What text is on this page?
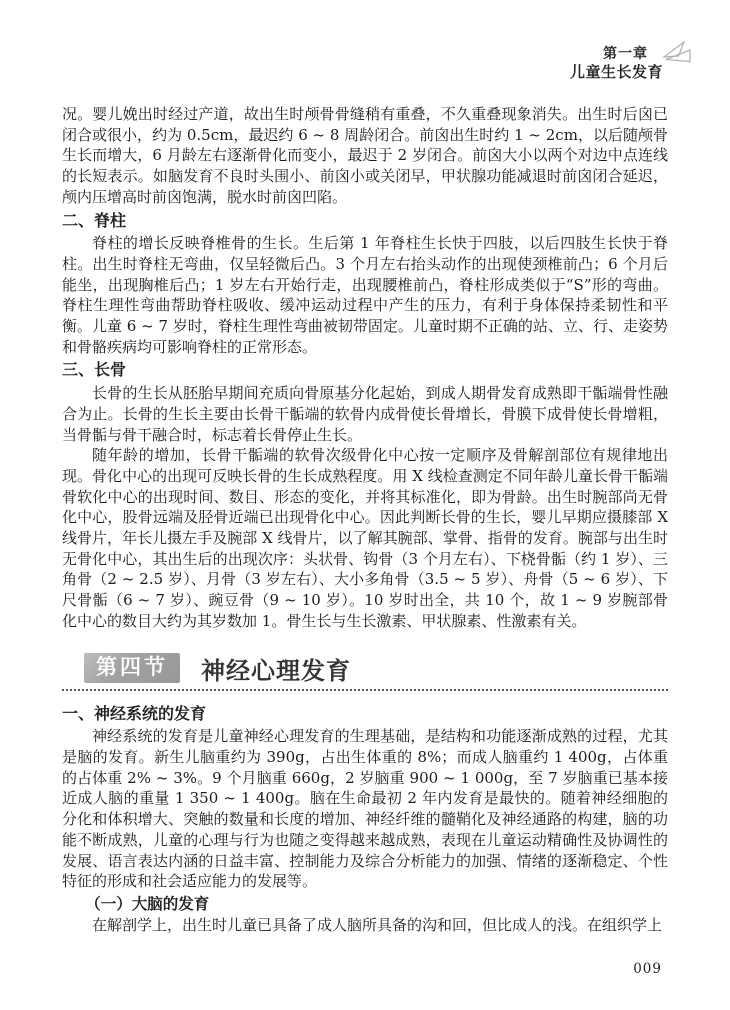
第一章
儿童生长发育

况。婴儿娩出时经过产道，故出生时颅骨骨缝稍有重叠，不久重叠现象消失。出生时后囟已闭合或很小，约为 0.5cm，最迟约 6 ~ 8 周龄闭合。前囟出生时约 1 ~ 2cm，以后随颅骨生长而增大，6 月龄左右逐渐骨化而变小，最迟于 2 岁闭合。前囟大小以两个对边中点连线的长短表示。如脑发育不良时头围小、前囟小或关闭早，甲状腺功能减退时前囟闭合延迟，颅内压增高时前囟饱满，脱水时前囟凹陷。

二、脊柱

脊柱的增长反映脊椎骨的生长。生后第 1 年脊柱生长快于四肢，以后四肢生长快于脊柱。出生时脊柱无弯曲，仅呈轻微后凸。3 个月左右抬头动作的出现使颈椎前凸；6 个月后能坐，出现胸椎后凸；1 岁左右开始行走，出现腰椎前凸，脊柱形成类似于“S”形的弯曲。脊柱生理性弯曲帮助脊柱吸收、缓冲运动过程中产生的压力，有利于身体保持柔韧性和平衡。儿童 6 ~ 7 岁时，脊柱生理性弯曲被韧带固定。儿童时期不正确的站、立、行、走姿势和骨骼疾病均可影响脊柱的正常形态。

三、长骨

长骨的生长从胚胎早期间充质向骨原基分化起始，到成人期骨发育成熟即干骺端骨性融合为止。长骨的生长主要由长骨干骺端的软骨内成骨使长骨增长，骨膜下成骨使长骨增粗，当骨骺与骨干融合时，标志着长骨停止生长。

随年龄的增加，长骨干骺端的软骨次级骨化中心按一定顺序及骨解剖部位有规律地出现。骨化中心的出现可反映长骨的生长成熟程度。用 X 线检查测定不同年龄儿童长骨干骺端骨软化中心的出现时间、数目、形态的变化，并将其标准化，即为骨龄。出生时腕部尚无骨化中心，股骨远端及胫骨近端已出现骨化中心。因此判断长骨的生长，婴儿早期应摄膝部 X 线骨片，年长儿摄左手及腕部 X 线骨片，以了解其腕部、掌骨、指骨的发育。腕部与出生时无骨化中心，其出生后的出现次序：头状骨、钩骨（3 个月左右）、下桡骨骺（约 1 岁）、三角骨（2 ~ 2.5 岁）、月骨（3 岁左右）、大小多角骨（3.5 ~ 5 岁）、舟骨（5 ~ 6 岁）、下尺骨骺（6 ~ 7 岁）、豌豆骨（9 ~ 10 岁）。10 岁时出全，共 10 个，故 1 ~ 9 岁腕部骨化中心的数目大约为其岁数加 1。骨生长与生长激素、甲状腺素、性激素有关。

第四节	神经心理发育
一、神经系统的发育

神经系统的发育是儿童神经心理发育的生理基础，是结构和功能逐渐成熟的过程，尤其是脑的发育。新生儿脑重约为 390g，占出生体重的 8%；而成人脑重约 1 400g，占体重的占体重 2% ~ 3%。9 个月脑重 660g，2 岁脑重 900 ~ 1 000g，至 7 岁脑重已基本接近成人脑的重量 1 350 ~ 1 400g。脑在生命最初 2 年内发育是最快的。随着神经细胞的分化和体积增大、突触的数量和长度的增加、神经纤维的髓鞘化及神经通路的构建，脑的功能不断成熟，儿童的心理与行为也随之变得越来越成熟，表现在儿童运动精确性及协调性的发展、语言表达内涵的日益丰富、控制能力及综合分析能力的加强、情绪的逐渐稳定、个性特征的形成和社会适应能力的发展等。

（一）大脑的发育

在解剖学上，出生时儿童已具备了成人脑所具备的沟和回，但比成人的浅。在组织学上

009
